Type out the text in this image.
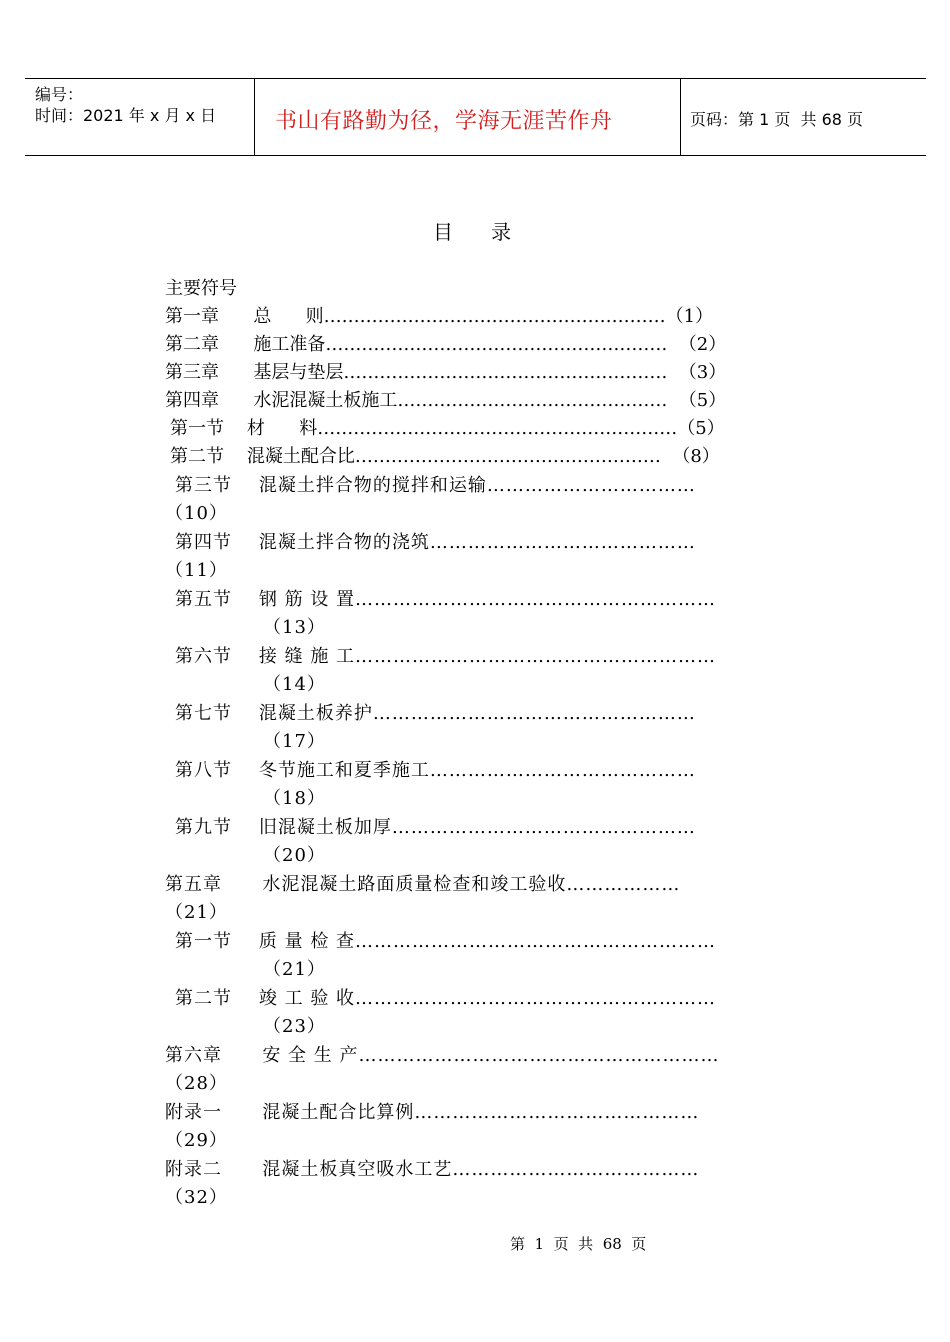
编号：
时间：2021 年 x 月 x 日	书山有路勤为径，学海无涯苦作舟	页码：第 1 页  共 68 页
目      录
主要符号
第一章      总      则…………………………………………………（1）
第二章      施工准备…………………………………………………  （2）
第三章      基层与垫层………………………………………………  （3）
第四章      水泥混凝土板施工………………………………………  （5）
第一节    材      料……………………………………………………（5）
第二节    混凝土配合比……………………………………………  （8）
第三节    混凝土拌合物的搅拌和运输……………………………
（10）
第四节    混凝土拌合物的浇筑……………………………………
（11）
第五节    钢 筋 设 置…………………………………………………
（13）
第六节    接 缝 施 工…………………………………………………
（14）
第七节    混凝土板养护……………………………………………
（17）
第八节    冬节施工和夏季施工……………………………………
（18）
第九节    旧混凝土板加厚…………………………………………
（20）
第五章      水泥混凝土路面质量检查和竣工验收………………
（21）
第一节    质 量 检 查…………………………………………………
（21）
第二节    竣 工 验 收…………………………………………………
（23）
第六章      安 全 生 产…………………………………………………
（28）
附录一      混凝土配合比算例………………………………………
（29）
附录二      混凝土板真空吸水工艺…………………………………
（32）
第  1  页  共  68  页
